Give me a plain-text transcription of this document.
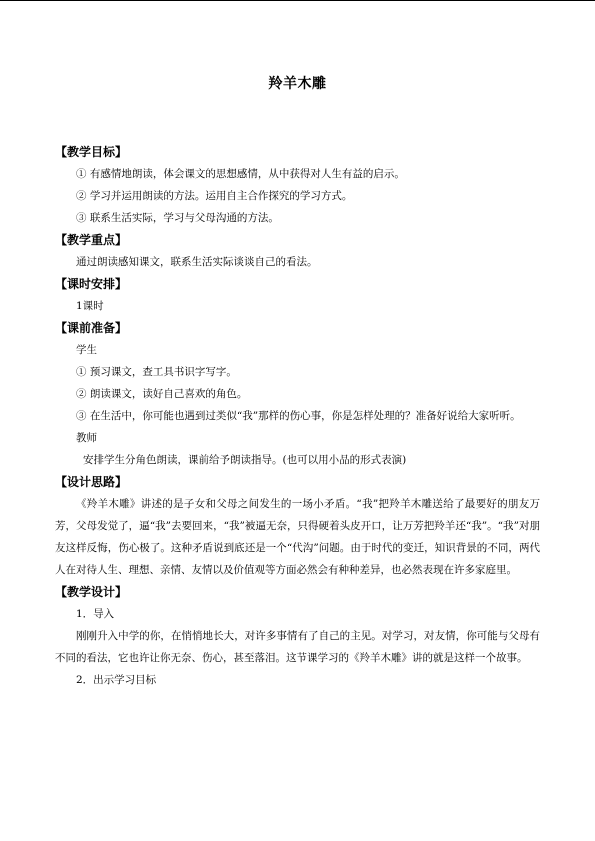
羚羊木雕
【教学目标】
① 有感情地朗读，体会课文的思想感情，从中获得对人生有益的启示。
② 学习并运用朗读的方法。运用自主合作探究的学习方式。
③ 联系生活实际，学习与父母沟通的方法。
【教学重点】
通过朗读感知课文，联系生活实际谈谈自己的看法。
【课时安排】
1课时
【课前准备】
学生
① 预习课文，查工具书识字写字。
② 朗读课文，读好自己喜欢的角色。
③ 在生活中，你可能也遇到过类似“我”那样的伤心事，你是怎样处理的？准备好说给大家听听。
教师
安排学生分角色朗读，课前给予朗读指导。(也可以用小品的形式表演)
【设计思路】

《羚羊木雕》讲述的是子女和父母之间发生的一场小矛盾。“我”把羚羊木雕送给了最要好的朋友万芳，父母发觉了，逼“我”去要回来，“我”被逼无奈，只得硬着头皮开口，让万芳把羚羊还“我”。“我”对朋友这样反悔，伤心极了。这种矛盾说到底还是一个“代沟”问题。由于时代的变迁，知识背景的不同，两代人在对待人生、理想、亲情、友情以及价值观等方面必然会有种种差异，也必然表现在许多家庭里。

【教学设计】
1．导入

刚刚升入中学的你，在悄悄地长大，对许多事情有了自己的主见。对学习，对友情，你可能与父母有不同的看法，它也许让你无奈、伤心，甚至落泪。这节课学习的《羚羊木雕》讲的就是这样一个故事。

2．出示学习目标
